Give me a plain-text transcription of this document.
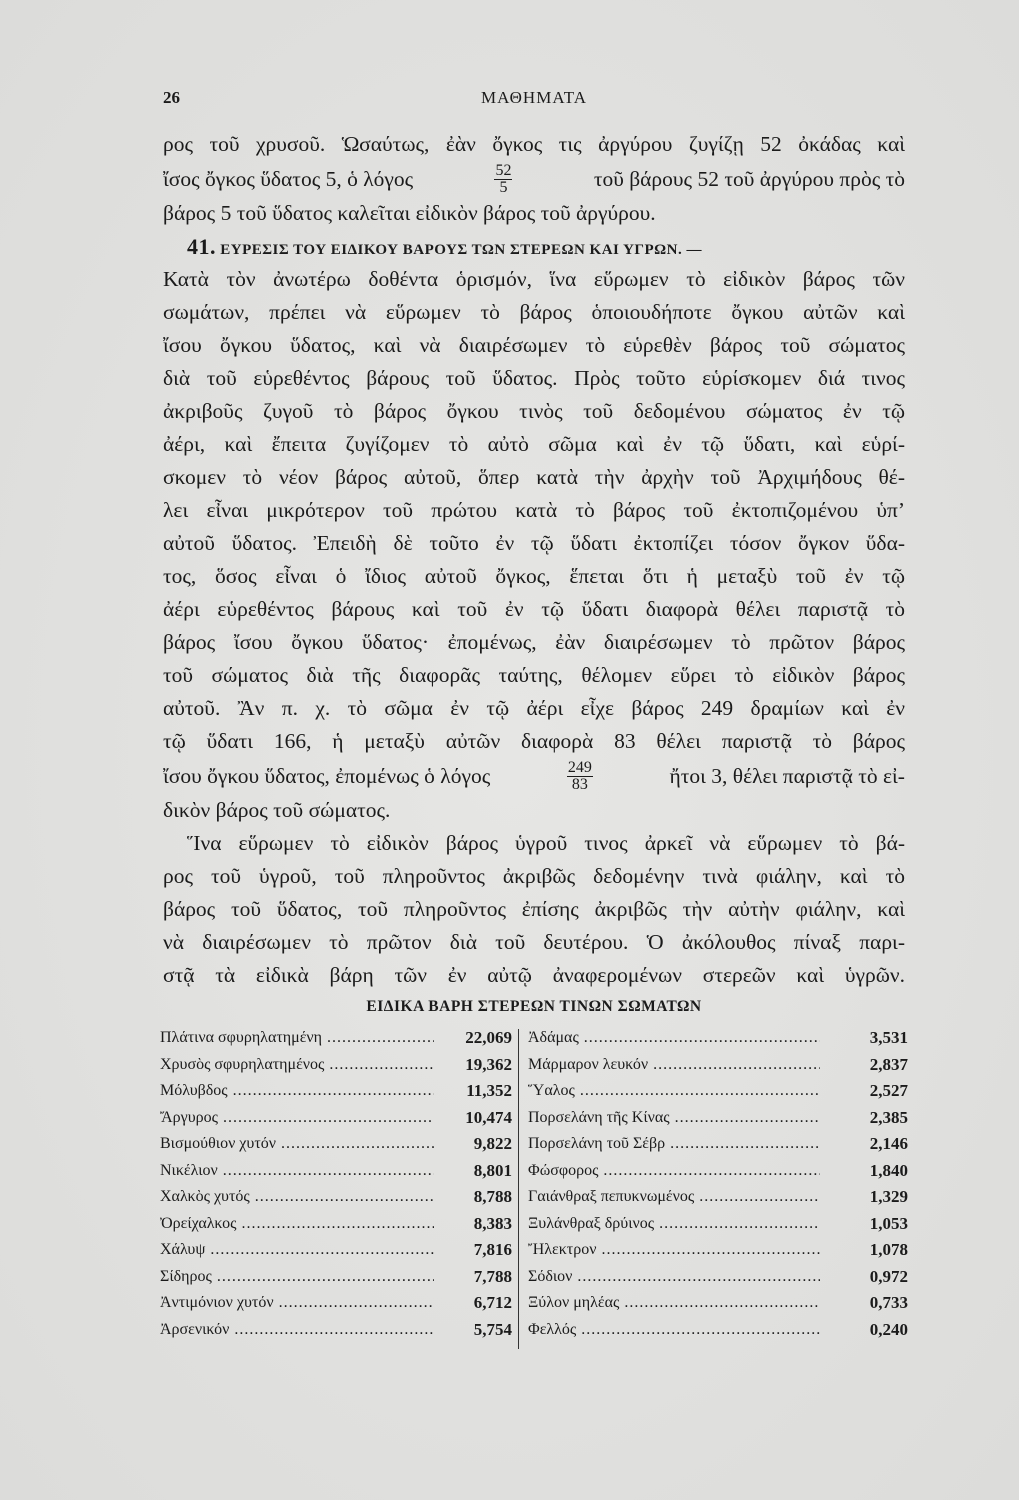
26	ΜΑΘΗΜΑΤΑ
ρος τοῦ χρυσοῦ. Ὡσαύτως, ἐὰν ὄγκος τις ἀργύρου ζυγίζῃ 52 ὀκάδας καὶ
ἴσος ὄγκος ὕδατος 5, ὁ λόγος	$\frac{52}{5}$	τοῦ βάρους 52 τοῦ ἀργύρου πρὸς τὸ
βάρος 5 τοῦ ὕδατος καλεῖται εἰδικὸν βάρος τοῦ ἀργύρου.
41. ΕΥΡΕΣΙΣ ΤΟΥ ΕΙΔΙΚΟΥ ΒΑΡΟΥΣ ΤΩΝ ΣΤΕΡΕΩΝ ΚΑΙ ΥΓΡΩΝ. —
Κατὰ τὸν ἀνωτέρω δοθέντα ὁρισμόν, ἵνα εὕρωμεν τὸ εἰδικὸν βάρος τῶν
σωμάτων, πρέπει νὰ εὕρωμεν τὸ βάρος ὁποιουδήποτε ὄγκου αὐτῶν καὶ
ἴσου ὄγκου ὕδατος, καὶ νὰ διαιρέσωμεν τὸ εὑρεθὲν βάρος τοῦ σώματος
διὰ τοῦ εὑρεθέντος βάρους τοῦ ὕδατος. Πρὸς τοῦτο εὑρίσκομεν διά τινος
ἀκριβοῦς ζυγοῦ τὸ βάρος ὄγκου τινὸς τοῦ δεδομένου σώματος ἐν τῷ
ἀέρι, καὶ ἔπειτα ζυγίζομεν τὸ αὐτὸ σῶμα καὶ ἐν τῷ ὕδατι, καὶ εὑρί-
σκομεν τὸ νέον βάρος αὐτοῦ, ὅπερ κατὰ τὴν ἀρχὴν τοῦ Ἀρχιμήδους θέ-
λει εἶναι μικρότερον τοῦ πρώτου κατὰ τὸ βάρος τοῦ ἐκτοπιζομένου ὑπ’
αὐτοῦ ὕδατος. Ἐπειδὴ δὲ τοῦτο ἐν τῷ ὕδατι ἐκτοπίζει τόσον ὄγκον ὕδα-
τος, ὅσος εἶναι ὁ ἴδιος αὐτοῦ ὄγκος, ἕπεται ὅτι ἡ μεταξὺ τοῦ ἐν τῷ
ἀέρι εὑρεθέντος βάρους καὶ τοῦ ἐν τῷ ὕδατι διαφορὰ θέλει παριστᾷ τὸ
βάρος ἴσου ὄγκου ὕδατος· ἐπομένως, ἐὰν διαιρέσωμεν τὸ πρῶτον βάρος
τοῦ σώματος διὰ τῆς διαφορᾶς ταύτης, θέλομεν εὕρει τὸ εἰδικὸν βάρος
αὐτοῦ. Ἂν π. χ. τὸ σῶμα ἐν τῷ ἀέρι εἶχε βάρος 249 δραμίων καὶ ἐν
τῷ ὕδατι 166, ἡ μεταξὺ αὐτῶν διαφορὰ 83 θέλει παριστᾷ τὸ βάρος
ἴσου ὄγκου ὕδατος, ἐπομένως ὁ λόγος	$\frac{249}{83}$	ἤτοι 3, θέλει παριστᾷ τὸ εἰ-
δικὸν βάρος τοῦ σώματος.
Ἵνα εὕρωμεν τὸ εἰδικὸν βάρος ὑγροῦ τινος ἀρκεῖ νὰ εὕρωμεν τὸ βά-
ρος τοῦ ὑγροῦ, τοῦ πληροῦντος ἀκριβῶς δεδομένην τινὰ φιάλην, καὶ τὸ
βάρος τοῦ ὕδατος, τοῦ πληροῦντος ἐπίσης ἀκριβῶς τὴν αὐτὴν φιάλην, καὶ
νὰ διαιρέσωμεν τὸ πρῶτον διὰ τοῦ δευτέρου. Ὁ ἀκόλουθος πίναξ παρι-
στᾷ τὰ εἰδικὰ βάρη τῶν ἐν αὐτῷ ἀναφερομένων στερεῶν καὶ ὑγρῶν.
ΕΙΔΙΚΑ ΒΑΡΗ ΣΤΕΡΕΩΝ ΤΙΝΩΝ ΣΩΜΑΤΩΝ
Πλάτινα σφυρηλατημένη .....	22,069
Χρυσὸς σφυρηλατημένος .....	19,362
Μόλυβδος .....	11,352
Ἄργυρος .....	10,474
Βισμούθιον χυτόν .....	9,822
Νικέλιον .....	8,801
Χαλκὸς χυτός .....	8,788
Ὀρείχαλκος .....	8,383
Χάλυψ .....	7,816
Σίδηρος .....	7,788
Ἀντιμόνιον χυτόν .....	6,712
Ἀρσενικόν .....	5,754
Ἀδάμας .....	3,531
Μάρμαρον λευκόν .....	2,837
Ὕαλος .....	2,527
Πορσελάνη τῆς Κίνας .....	2,385
Πορσελάνη τοῦ Σέβρ .....	2,146
Φώσφορος .....	1,840
Γαιάνθραξ πεπυκνωμένος .....	1,329
Ξυλάνθραξ δρύινος .....	1,053
Ἤλεκτρον .....	1,078
Σόδιον .....	0,972
Ξύλον μηλέας .....	0,733
Φελλός .....	0,240
